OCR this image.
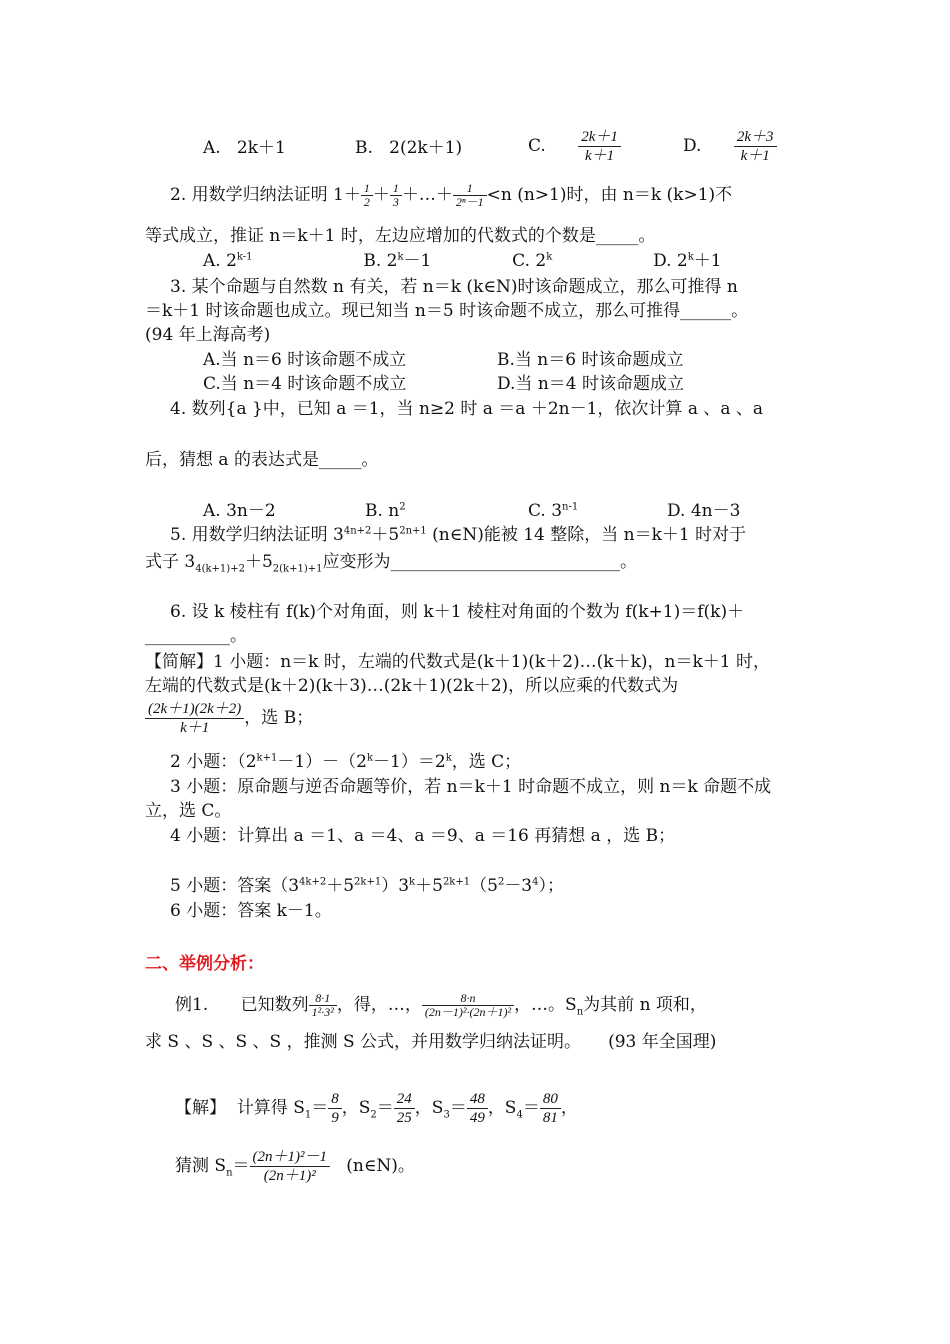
A. 2k＋1	B. 2(2k＋1)	C. $\frac{2k+1}{k+1}$	D. $\frac{2k+3}{k+1}$
2. 用数学归纳法证明 $1+ \frac{1}{2} + \frac{1}{3}$ ＋…＋ $\frac{1}{\text{2ⁿ－1}} <n$ (n>1)时，由 n＝k (k>1)不
等式成立，推证 n＝k＋1 时，左边应增加的代数式的个数是_____。
A. 2$^{k-1}$	B. $2^k-1$	C. 2$^k$	D. $2^k+1$
3. 某个命题与自然数 n 有关，若 n＝k (k∈N)时该命题成立，那么可推得 n
＝k＋1 时该命题也成立。现已知当 n＝5 时该命题不成立，那么可推得______。
(94 年上海高考)
A.当 n＝6 时该命题不成立	B.当 n＝6 时该命题成立
C.当 n＝4 时该命题不成立	D.当 n＝4 时该命题成立
4. 数列{a }中，已知 a ＝1，当 n≥2 时 a ＝a ＋2n－1，依次计算 a 、a 、a
后，猜想 a 的表达式是_____。
A. 3n－2	B. $n^2$	C. 3$^{n-1}$	D. 4n－3
5. 用数学归纳法证明 $3^{4n+2}+5^{2n+1}$ (n∈N)能被 14 整除，当 n＝k＋1 时对于
式子 $3_{4(k+1)+2}+5_{2(k+1)+1}$应变形为___________________________。
6. 设 k 棱柱有 f(k)个对角面，则 k＋1 棱柱对角面的个数为 f(k+1)＝f(k)＋
__________。
【简解】1 小题：n＝k 时，左端的代数式是(k＋1)(k＋2)…(k＋k)，n＝k＋1 时，
左端的代数式是(k＋2)(k＋3)…(2k＋1)(2k＋2)，所以应乘的代数式为
$\frac{(2k+1)(2k+2)}{k+1}$ ，选 B；
2 小题：$(2^{k+1}-1)-(2^k-1)=2^k$，选 C；
3 小题：原命题与逆否命题等价，若 n＝k＋1 时命题不成立，则 n＝k 命题不成
立，选 C。
4 小题：计算出 a ＝1、a ＝4、a ＝9、a ＝16 再猜想 a ，选 B；
5 小题：答案$(3^{4k+2}+5^{2k+1})3^k+5^{2k+1}(5^2-3^4)$；
6 小题：答案 k－1。
二、举例分析：
例1. 已知数列 $\frac{8\cdot 1}{\text{1²·3²}}$ ，得，…， $\frac{8\cdot n}{\text{(2n－1)²·(2n＋1)²}}$ ，…。$S_n$为其前 n 项和，
求 S 、S 、S 、S ，推测 S 公式，并用数学归纳法证明。 (93 年全国理)
【解】 计算得 $S_1= \frac{8}{9}$ ，$S_2= \frac{24}{25}$ ，$S_3= \frac{48}{49}$ ，$S_4= \frac{80}{81}$ ，
猜测 $S_n= \frac{\text{(2n＋1)²－1}}{\text{(2n＋1)²}}$ (n∈N)。
